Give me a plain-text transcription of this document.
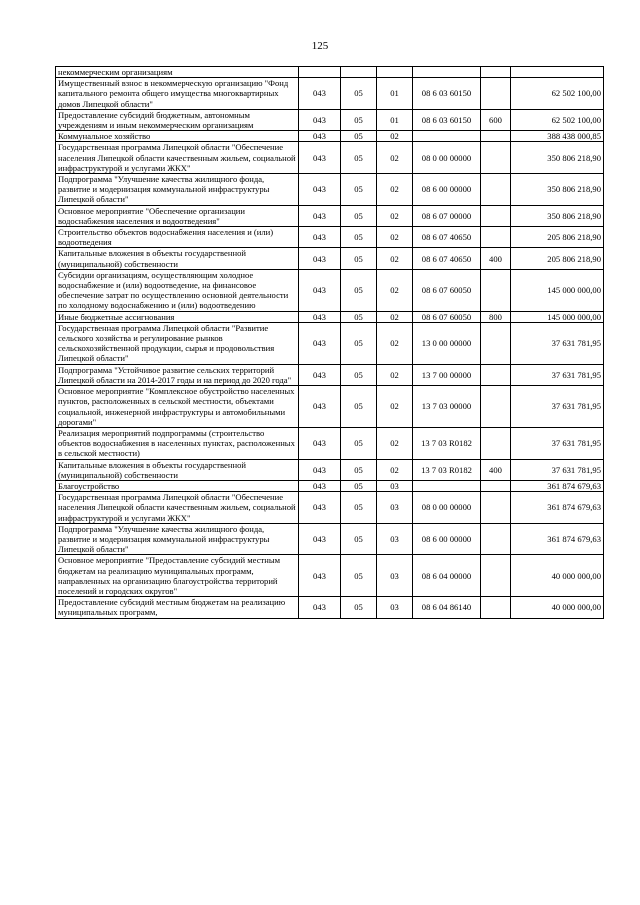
125
некоммерческим организациям						
Имущественный взнос в некоммерческую организацию "Фонд капитального ремонта общего имущества многоквартирных домов Липецкой области"	043	05	01	08 6 03 60150		62 502 100,00
Предоставление субсидий бюджетным, автономным учреждениям и иным некоммерческим организациям	043	05	01	08 6 03 60150	600	62 502 100,00
Коммунальное хозяйство	043	05	02			388 438 000,85
Государственная программа Липецкой области "Обеспечение населения Липецкой области качественным жильем, социальной инфраструктурой и услугами ЖКХ"	043	05	02	08 0 00 00000		350 806 218,90
Подпрограмма "Улучшение качества жилищного фонда, развитие и модернизация коммунальной инфраструктуры Липецкой области"	043	05	02	08 6 00 00000		350 806 218,90
Основное мероприятие "Обеспечение организации водоснабжения населения и водоотведения"	043	05	02	08 6 07 00000		350 806 218,90
Строительство объектов водоснабжения населения и (или) водоотведения	043	05	02	08 6 07 40650		205 806 218,90
Капитальные вложения в объекты государственной (муниципальной) собственности	043	05	02	08 6 07 40650	400	205 806 218,90
Субсидии организациям, осуществляющим холодное водоснабжение и (или) водоотведение, на финансовое обеспечение затрат по осуществлению основной деятельности по холодному водоснабжению и (или) водоотведению	043	05	02	08 6 07 60050		145 000 000,00
Иные бюджетные ассигнования	043	05	02	08 6 07 60050	800	145 000 000,00
Государственная программа Липецкой области "Развитие сельского хозяйства и регулирование рынков сельскохозяйственной продукции, сырья и продовольствия Липецкой области"	043	05	02	13 0 00 00000		37 631 781,95
Подпрограмма "Устойчивое развитие сельских территорий Липецкой области на 2014-2017 годы и на период до 2020 года"	043	05	02	13 7 00 00000		37 631 781,95
Основное мероприятие "Комплексное обустройство населенных пунктов, расположенных в сельской местности, объектами социальной, инженерной инфраструктуры и автомобильными дорогами"	043	05	02	13 7 03 00000		37 631 781,95
Реализация мероприятий подпрограммы (строительство объектов водоснабжения в населенных пунктах, расположенных в сельской местности)	043	05	02	13 7 03 R0182		37 631 781,95
Капитальные вложения в объекты государственной (муниципальной) собственности	043	05	02	13 7 03 R0182	400	37 631 781,95
Благоустройство	043	05	03			361 874 679,63
Государственная программа Липецкой области "Обеспечение населения Липецкой области качественным жильем, социальной инфраструктурой и услугами ЖКХ"	043	05	03	08 0 00 00000		361 874 679,63
Подпрограмма "Улучшение качества жилищного фонда, развитие и модернизация коммунальной инфраструктуры Липецкой области"	043	05	03	08 6 00 00000		361 874 679,63
Основное мероприятие "Предоставление субсидий местным бюджетам на реализацию муниципальных программ, направленных на организацию благоустройства территорий поселений и городских округов"	043	05	03	08 6 04 00000		40 000 000,00
Предоставление субсидий местным бюджетам на реализацию муниципальных программ,	043	05	03	08 6 04 86140		40 000 000,00
